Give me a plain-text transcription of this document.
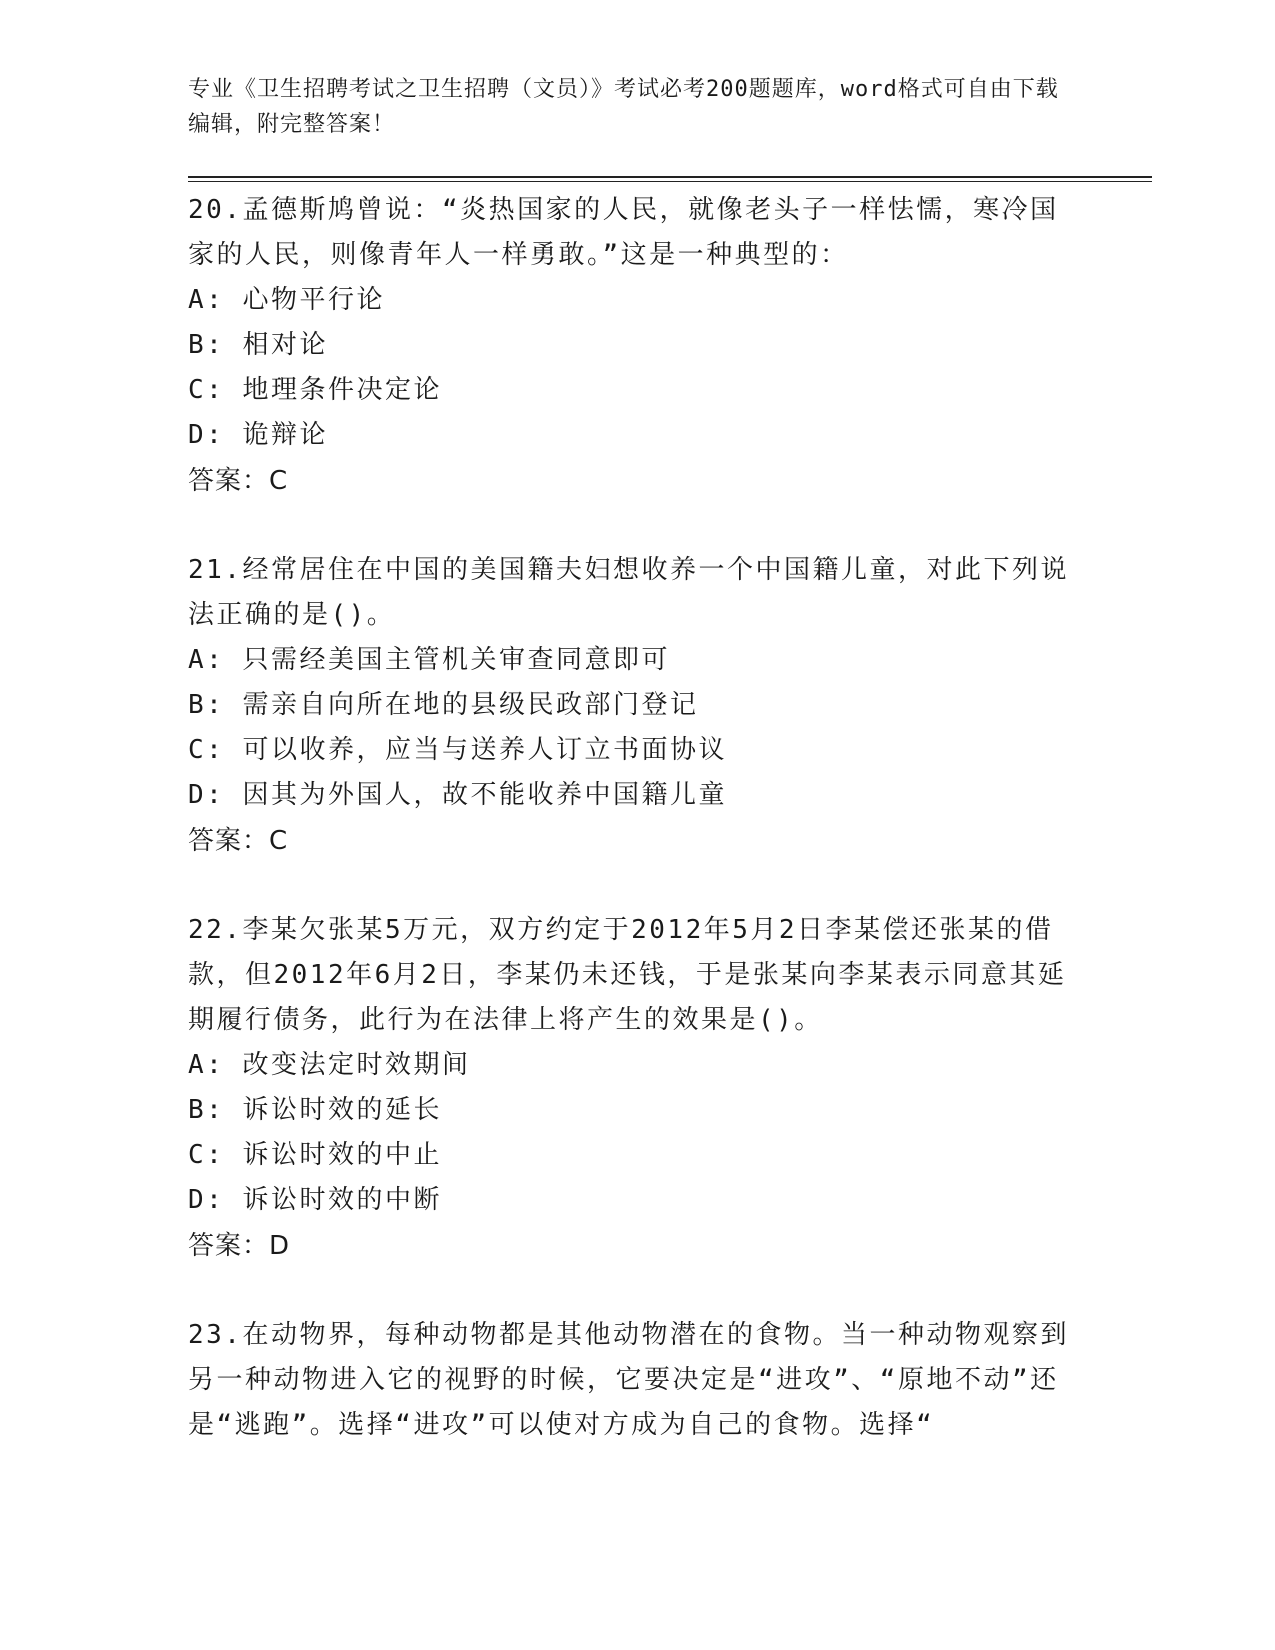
专业《卫生招聘考试之卫生招聘（文员）》考试必考200题题库，word格式可自由下载编辑，附完整答案！

20.孟德斯鸠曾说：“炎热国家的人民，就像老头子一样怯懦，寒冷国家的人民，则像青年人一样勇敢。”这是一种典型的：

A: 心物平行论

B: 相对论

C: 地理条件决定论

D: 诡辩论

答案：C

21.经常居住在中国的美国籍夫妇想收养一个中国籍儿童，对此下列说法正确的是()。

A: 只需经美国主管机关审查同意即可

B: 需亲自向所在地的县级民政部门登记

C: 可以收养，应当与送养人订立书面协议

D: 因其为外国人，故不能收养中国籍儿童

答案：C

22.李某欠张某5万元，双方约定于2012年5月2日李某偿还张某的借款，但2012年6月2日，李某仍未还钱，于是张某向李某表示同意其延期履行债务，此行为在法律上将产生的效果是()。

A: 改变法定时效期间

B: 诉讼时效的延长

C: 诉讼时效的中止

D: 诉讼时效的中断

答案：D

23.在动物界，每种动物都是其他动物潜在的食物。当一种动物观察到另一种动物进入它的视野的时候，它要决定是“进攻”、“原地不动”还是“逃跑”。选择“进攻”可以使对方成为自己的食物。选择“
